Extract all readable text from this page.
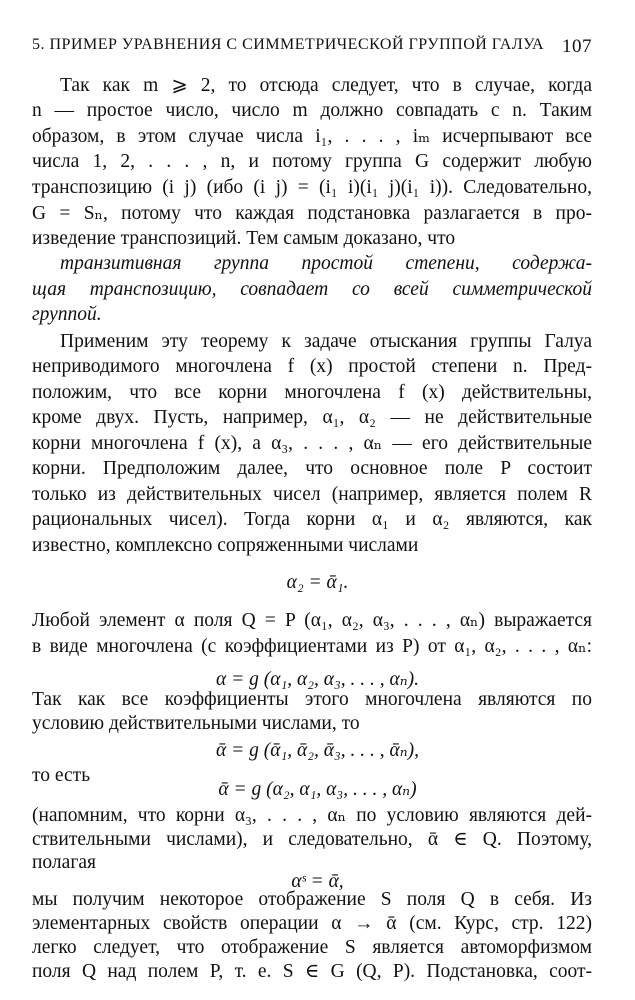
5. ПРИМЕР УРАВНЕНИЯ С СИММЕТРИЧЕСКОЙ ГРУППОЙ ГАЛУА 107
Так как m ⩾ 2, то отсюда следует, что в случае, когда
n — простое число, число m должно совпадать с n. Таким
образом, в этом случае числа i₁, . . . , iₘ исчерпывают все
числа 1, 2, . . . , n, и потому группа G содержит любую
транспозицию (i j) (ибо (i j) = (i₁ i)(i₁ j)(i₁ i)). Следовательно,
G = Sₙ, потому что каждая подстановка разлагается в про-
изведение транспозиций. Тем самым доказано, что
транзитивная группа простой степени, содержа-
щая транспозицию, совпадает со всей симметрической
группой.
Применим эту теорему к задаче отыскания группы Галуа
неприводимого многочлена f (x) простой степени n. Пред-
положим, что все корни многочлена f (x) действительны,
кроме двух. Пусть, например, α₁, α₂ — не действительные
корни многочлена f (x), а α₃, . . . , αₙ — его действительные
корни. Предположим далее, что основное поле P состоит
только из действительных чисел (например, является полем R
рациональных чисел). Тогда корни α₁ и α₂ являются, как
известно, комплексно сопряженными числами
α₂ = ᾱ₁.
Любой элемент α поля Q = P (α₁, α₂, α₃, . . . , αₙ) выражается
в виде многочлена (с коэффициентами из P) от α₁, α₂, . . . , αₙ:
α = g (α₁, α₂, α₃, . . . , αₙ).
Так как все коэффициенты этого многочлена являются по
условию действительными числами, то
ᾱ = g (ᾱ₁, ᾱ₂, ᾱ₃, . . . , ᾱₙ),
то есть
ᾱ = g (α₂, α₁, α₃, . . . , αₙ)
(напомним, что корни α₃, . . . , αₙ по условию являются дей-
ствительными числами), и следовательно, ᾱ ∈ Q. Поэтому,
полагая
αˢ = ᾱ,
мы получим некоторое отображение S поля Q в себя. Из
элементарных свойств операции α → ᾱ (см. Курс, стр. 122)
легко следует, что отображение S является автоморфизмом
поля Q над полем P, т. е. S ∈ G (Q, P). Подстановка, соот-
